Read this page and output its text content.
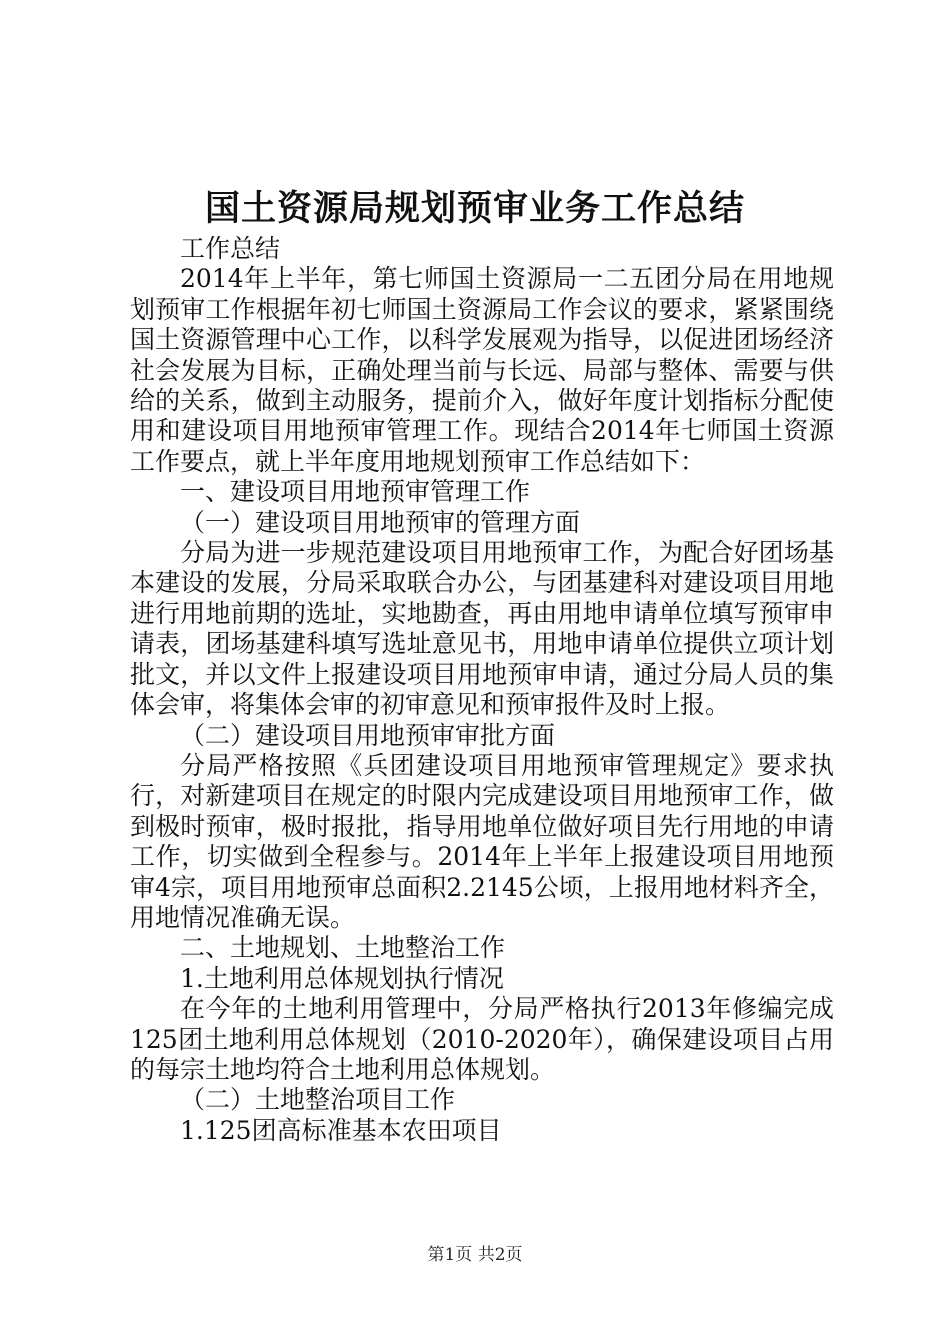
国土资源局规划预审业务工作总结

工作总结

2014年上半年，第七师国土资源局一二五团分局在用地规划预审工作根据年初七师国土资源局工作会议的要求，紧紧围绕国土资源管理中心工作，以科学发展观为指导，以促进团场经济社会发展为目标，正确处理当前与长远、局部与整体、需要与供给的关系，做到主动服务，提前介入，做好年度计划指标分配使用和建设项目用地预审管理工作。现结合2014年七师国土资源工作要点，就上半年度用地规划预审工作总结如下：

一、建设项目用地预审管理工作

（一）建设项目用地预审的管理方面

分局为进一步规范建设项目用地预审工作，为配合好团场基本建设的发展，分局采取联合办公，与团基建科对建设项目用地进行用地前期的选址，实地勘查，再由用地申请单位填写预审申请表，团场基建科填写选址意见书，用地申请单位提供立项计划批文，并以文件上报建设项目用地预审申请，通过分局人员的集体会审，将集体会审的初审意见和预审报件及时上报。

（二）建设项目用地预审审批方面

分局严格按照《兵团建设项目用地预审管理规定》要求执行，对新建项目在规定的时限内完成建设项目用地预审工作，做到极时预审，极时报批，指导用地单位做好项目先行用地的申请工作，切实做到全程参与。2014年上半年上报建设项目用地预审4宗，项目用地预审总面积2.2145公顷，上报用地材料齐全，用地情况准确无误。

二、土地规划、土地整治工作

1.土地利用总体规划执行情况

在今年的土地利用管理中，分局严格执行2013年修编完成125团土地利用总体规划（2010-2020年），确保建设项目占用的每宗土地均符合土地利用总体规划。

（二）土地整治项目工作

1.125团高标准基本农田项目

第1页 共2页
